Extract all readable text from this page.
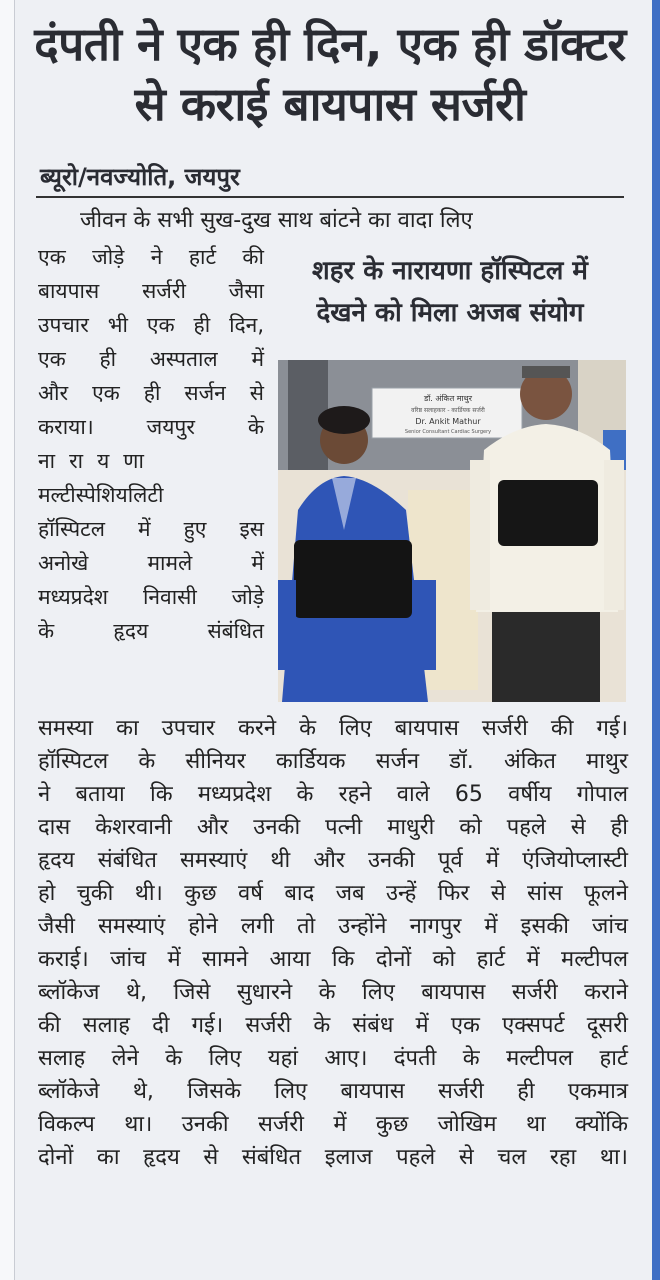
दंपती ने एक ही दिन, एक ही डॉक्टर
से कराई बायपास सर्जरी
ब्यूरो/नवज्योति, जयपुर
जीवन के सभी सुख-दुख साथ बांटने का वादा लिए
एक जोड़े ने हार्ट की
बायपास सर्जरी जैसा
उपचार भी एक ही दिन,
एक ही अस्पताल में
और एक ही सर्जन से
कराया। जयपुर के
नारायणा
मल्टीस्पेशियलिटी
हॉस्पिटल में हुए इस
अनोखे मामले में
मध्यप्रदेश निवासी जोड़े
के हृदय संबंधित
शहर के नारायणा हॉस्पिटल में
देखने को मिला अजब संयोग
डॉ. अंकित माथुर
वरिष्ठ सलाहकार - कार्डियक सर्जरी
Dr. Ankit Mathur
Senior Consultant Cardiac Surgery
समस्या का उपचार करने के लिए बायपास सर्जरी की गई।
हॉस्पिटल के सीनियर कार्डियक सर्जन डॉ. अंकित माथुर
ने बताया कि मध्यप्रदेश के रहने वाले 65 वर्षीय गोपाल
दास केशरवानी और उनकी पत्नी माधुरी को पहले से ही
हृदय संबंधित समस्याएं थी और उनकी पूर्व में एंजियोप्लास्टी
हो चुकी थी। कुछ वर्ष बाद जब उन्हें फिर से सांस फूलने
जैसी समस्याएं होने लगी तो उन्होंने नागपुर में इसकी जांच
कराई। जांच में सामने आया कि दोनों को हार्ट में मल्टीपल
ब्लॉकेज थे, जिसे सुधारने के लिए बायपास सर्जरी कराने
की सलाह दी गई। सर्जरी के संबंध में एक एक्सपर्ट दूसरी
सलाह लेने के लिए यहां आए। दंपती के मल्टीपल हार्ट
ब्लॉकेजे थे, जिसके लिए बायपास सर्जरी ही एकमात्र
विकल्प था। उनकी सर्जरी में कुछ जोखिम था क्योंकि
दोनों का हृदय से संबंधित इलाज पहले से चल रहा था।
